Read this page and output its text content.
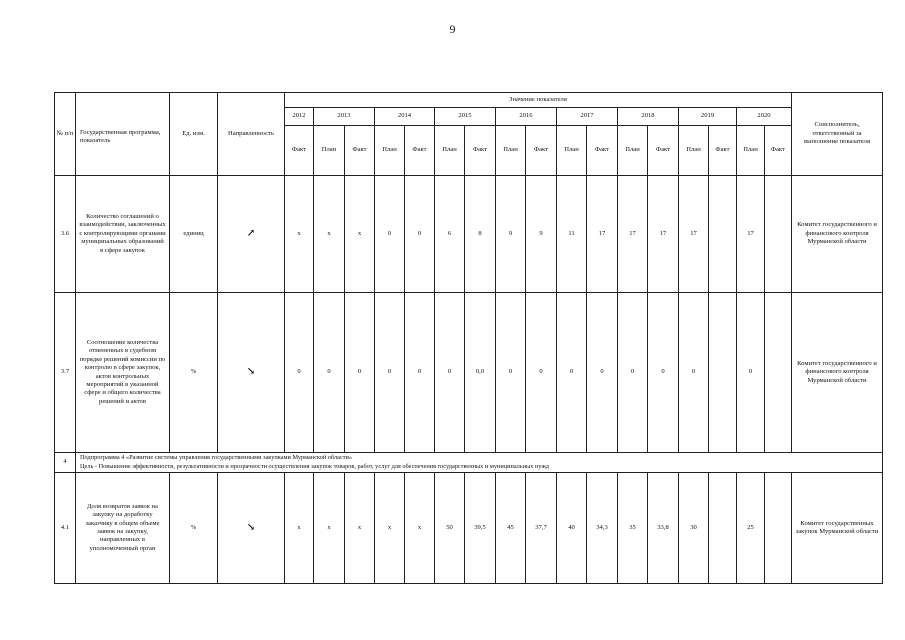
9
№ п/п	Государственная программа, показатель	Ед. изм.	Направленность	Значение показателя																	Соисполнитель, ответственный за выполнение показателя
				2012	2013		2014		2015		2016		2017		2018		2019		2020		
				Факт	План	Факт	План	Факт	План	Факт	План	Факт	План	Факт	План	Факт	План	Факт	План	Факт	
3.6	Количество соглашений о взаимодействии, заключенных с контролирующими органами муниципальных образований в сфере закупок	единиц	↗	х	х	х	0	0	6	8	9	9	11	17	17	17	17		17		Комитет государственного и финансового контроля Мурманской области
3.7	Соотношение количества отмененных в судебном порядке решений комиссии по контролю в сфере закупок, актов контрольных мероприятий в указанной сфере и общего количества решений и актов	%	↘	0	0	0	0	0	0	0,0	0	0	0	0	0	0	0		0		Комитет государственного и финансового контроля Мурманской области
4	Подпрограмма 4 «Развитие системы управления государственными закупками Мурманской области»
Цель - Повышение эффективности, результативности и прозрачности осуществления закупок товаров, работ, услуг для обеспечения государственных и муниципальных нужд																				

4.1	Доля возвратов заявок на закупку на доработку заказчику в общем объеме заявок на закупку, направленных в уполномоченный орган	%	↘	х	х	х	х	х	50	39,5	45	37,7	40	34,3	35	33,8	30		25		Комитет государственных закупок Мурманской области
